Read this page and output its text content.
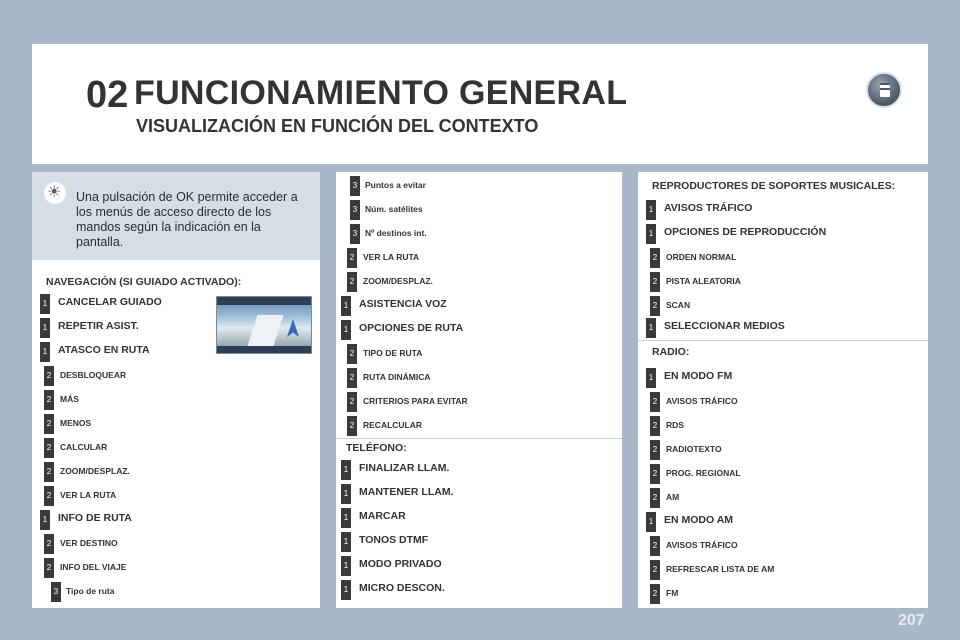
02 FUNCIONAMIENTO GENERAL
VISUALIZACIÓN EN FUNCIÓN DEL CONTEXTO
☀
Una pulsación de OK permite acceder a los menús de acceso directo de los mandos según la indicación en la pantalla.
NAVEGACIÓN (SI GUIADO ACTIVADO):
1 CANCELAR GUIADO
1 REPETIR ASIST.
1 ATASCO EN RUTA
2	DESBLOQUEAR
2	MÁS
2	MENOS
2	CALCULAR
2	ZOOM/DESPLAZ.
2	VER LA RUTA
1 INFO DE RUTA
2	VER DESTINO
2	INFO DEL VIAJE
3 Tipo de ruta
3 Puntos a evitar
3 Núm. satélites
3 Nº destinos int.
2	VER LA RUTA
2	ZOOM/DESPLAZ.
1 ASISTENCIA VOZ
1 OPCIONES DE RUTA
2	TIPO DE RUTA
2	RUTA DINÁMICA
2	CRITERIOS PARA EVITAR
2	RECALCULAR
TELÉFONO:
1 FINALIZAR LLAM.
1 MANTENER LLAM.
1 MARCAR
1 TONOS DTMF
1 MODO PRIVADO
1 MICRO DESCON.
REPRODUCTORES DE SOPORTES MUSICALES:
1 AVISOS TRÁFICO
1 OPCIONES DE REPRODUCCIÓN
2	ORDEN NORMAL
2	PISTA ALEATORIA
2	SCAN
1 SELECCIONAR MEDIOS
RADIO:
1 EN MODO FM
2	AVISOS TRÁFICO
2	RDS
2	RADIOTEXTO
2	PROG. REGIONAL
2	AM
1 EN MODO AM
2	AVISOS TRÁFICO
2	REFRESCAR LISTA DE AM
2	FM
207
